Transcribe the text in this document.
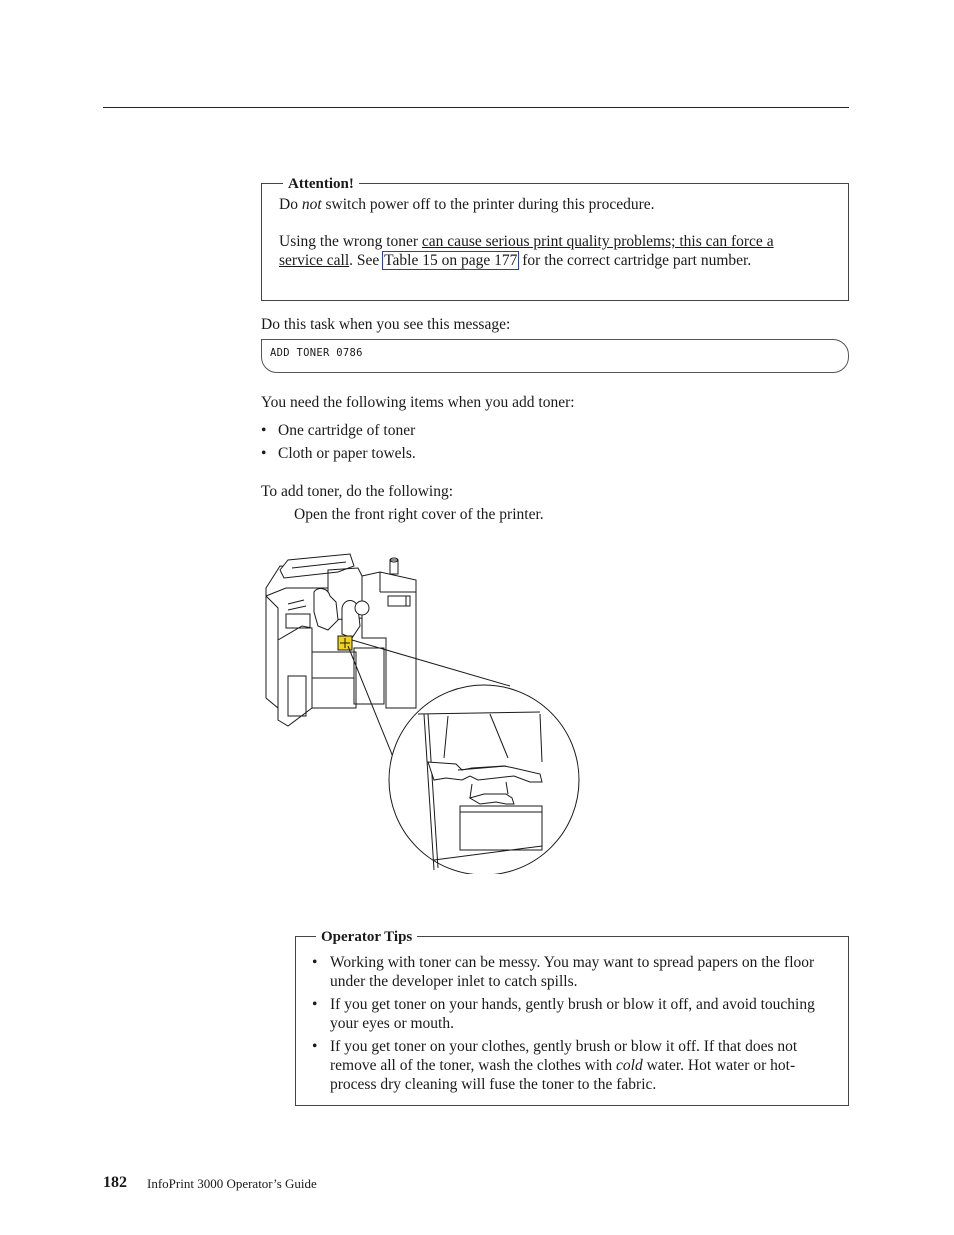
Attention!
Do not switch power off to the printer during this procedure.
Using the wrong toner can cause serious print quality problems; this can force a service call. See Table 15 on page 177 for the correct cartridge part number.
Do this task when you see this message:
ADD TONER 0786
You need the following items when you add toner:
• One cartridge of toner
• Cloth or paper towels.
To add toner, do the following:
Open the front right cover of the printer.
Operator Tips
• Working with toner can be messy. You may want to spread papers on the floor under the developer inlet to catch spills.
• If you get toner on your hands, gently brush or blow it off, and avoid touching your eyes or mouth.
• If you get toner on your clothes, gently brush or blow it off. If that does not remove all of the toner, wash the clothes with cold water. Hot water or hot-process dry cleaning will fuse the toner to the fabric.
182 InfoPrint 3000 Operator’s Guide
